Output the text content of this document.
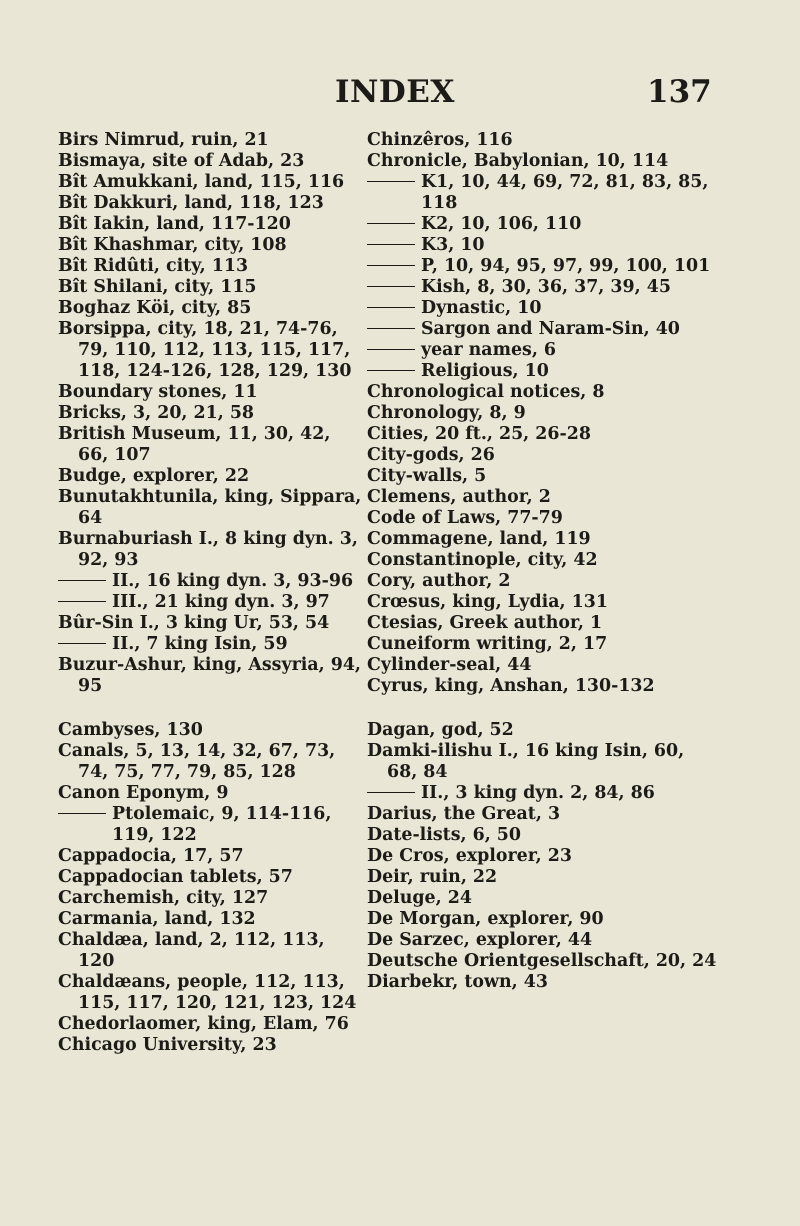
INDEX	137
Birs Nimrud, ruin, 21
Bismaya, site of Adab, 23
Bît Amukkani, land, 115, 116
Bît Dakkuri, land, 118, 123
Bît Iakin, land, 117-120
Bît Khashmar, city, 108
Bît Ridûti, city, 113
Bît Shilani, city, 115
Boghaz Köi, city, 85
Borsippa, city, 18, 21, 74-76, 79, 110, 112, 113, 115, 117, 118, 124-126, 128, 129, 130
Boundary stones, 11
Bricks, 3, 20, 21, 58
British Museum, 11, 30, 42, 66, 107
Budge, explorer, 22
Bunutakhtunila, king, Sippara, 64
Burnaburiash I., 8 king dyn. 3, 92, 93
II., 16 king dyn. 3, 93-96
III., 21 king dyn. 3, 97
Bûr-Sin I., 3 king Ur, 53, 54
II., 7 king Isin, 59
Buzur-Ashur, king, Assyria, 94, 95
Cambyses, 130
Canals, 5, 13, 14, 32, 67, 73, 74, 75, 77, 79, 85, 128
Canon Eponym, 9
Ptolemaic, 9, 114-116, 119, 122
Cappadocia, 17, 57
Cappadocian tablets, 57
Carchemish, city, 127
Carmania, land, 132
Chaldæa, land, 2, 112, 113, 120
Chaldæans, people, 112, 113, 115, 117, 120, 121, 123, 124
Chedorlaomer, king, Elam, 76
Chicago University, 23
Chinzêros, 116
Chronicle, Babylonian, 10, 114
K1, 10, 44, 69, 72, 81, 83, 85, 118
K2, 10, 106, 110
K3, 10
P, 10, 94, 95, 97, 99, 100, 101
Kish, 8, 30, 36, 37, 39, 45
Dynastic, 10
Sargon and Naram-Sin, 40
year names, 6
Religious, 10
Chronological notices, 8
Chronology, 8, 9
Cities, 20 ft., 25, 26-28
City-gods, 26
City-walls, 5
Clemens, author, 2
Code of Laws, 77-79
Commagene, land, 119
Constantinople, city, 42
Cory, author, 2
Crœsus, king, Lydia, 131
Ctesias, Greek author, 1
Cuneiform writing, 2, 17
Cylinder-seal, 44
Cyrus, king, Anshan, 130-132
Dagan, god, 52
Damki-ilishu I., 16 king Isin, 60, 68, 84
II., 3 king dyn. 2, 84, 86
Darius, the Great, 3
Date-lists, 6, 50
De Cros, explorer, 23
Deir, ruin, 22
Deluge, 24
De Morgan, explorer, 90
De Sarzec, explorer, 44
Deutsche Orientgesellschaft, 20, 24
Diarbekr, town, 43
